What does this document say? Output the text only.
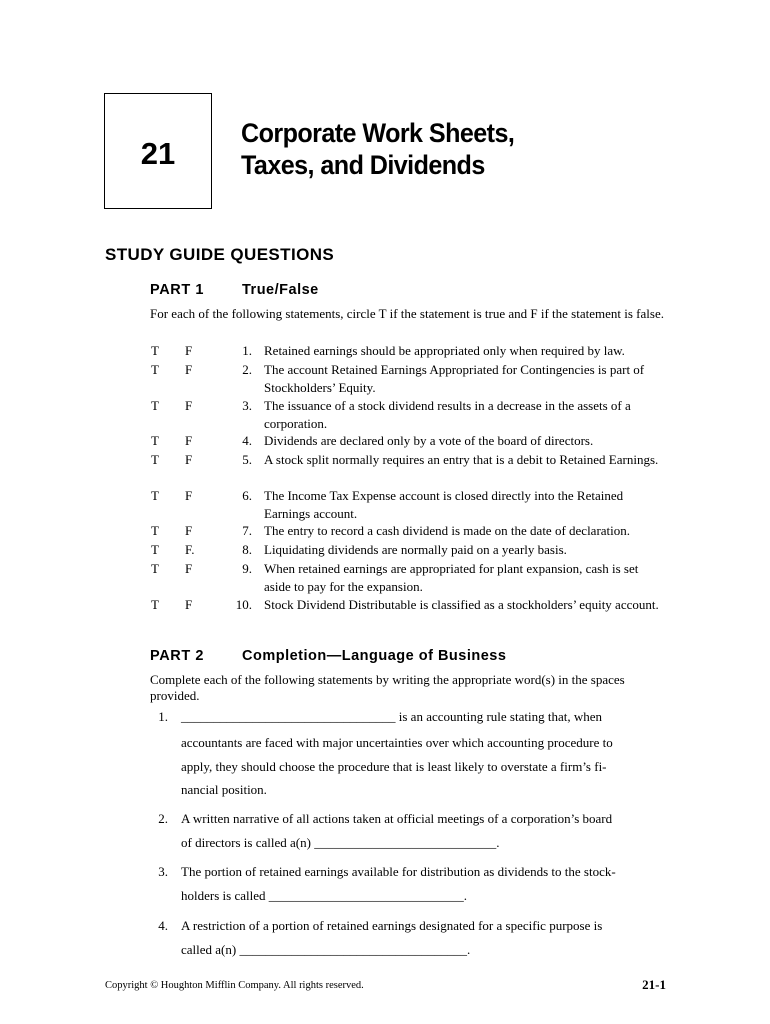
21
Corporate Work Sheets,
Taxes, and Dividends
STUDY GUIDE QUESTIONS
PART 1	True/False
For each of the following statements, circle T if the statement is true and F if the statement is false.
T F	1. Retained earnings should be appropriated only when required by law.
T F	2. The account Retained Earnings Appropriated for Contingencies is part of Stockholders’ Equity.
T F	3. The issuance of a stock dividend results in a decrease in the assets of a corporation.
T F	4. Dividends are declared only by a vote of the board of directors.
T F	5. A stock split normally requires an entry that is a debit to Retained Earnings.
T F	6. The Income Tax Expense account is closed directly into the Retained Earnings account.
T F	7. The entry to record a cash dividend is made on the date of declaration.
T F.	8. Liquidating dividends are normally paid on a yearly basis.
T F	9. When retained earnings are appropriated for plant expansion, cash is set aside to pay for the expansion.
T F	10. Stock Dividend Distributable is classified as a stockholders’ equity account.
PART 2	Completion—Language of Business
Complete each of the following statements by writing the appropriate word(s) in the spaces provided.
1. _________________________________ is an accounting rule stating that, when
accountants are faced with major uncertainties over which accounting procedure to
apply, they should choose the procedure that is least likely to overstate a firm’s fi-
nancial position.
2. A written narrative of all actions taken at official meetings of a corporation’s board
of directors is called a(n) ____________________________.
3. The portion of retained earnings available for distribution as dividends to the stock-
holders is called ______________________________.
4. A restriction of a portion of retained earnings designated for a specific purpose is
called a(n) ___________________________________.
Copyright © Houghton Mifflin Company. All rights reserved.	21-1
